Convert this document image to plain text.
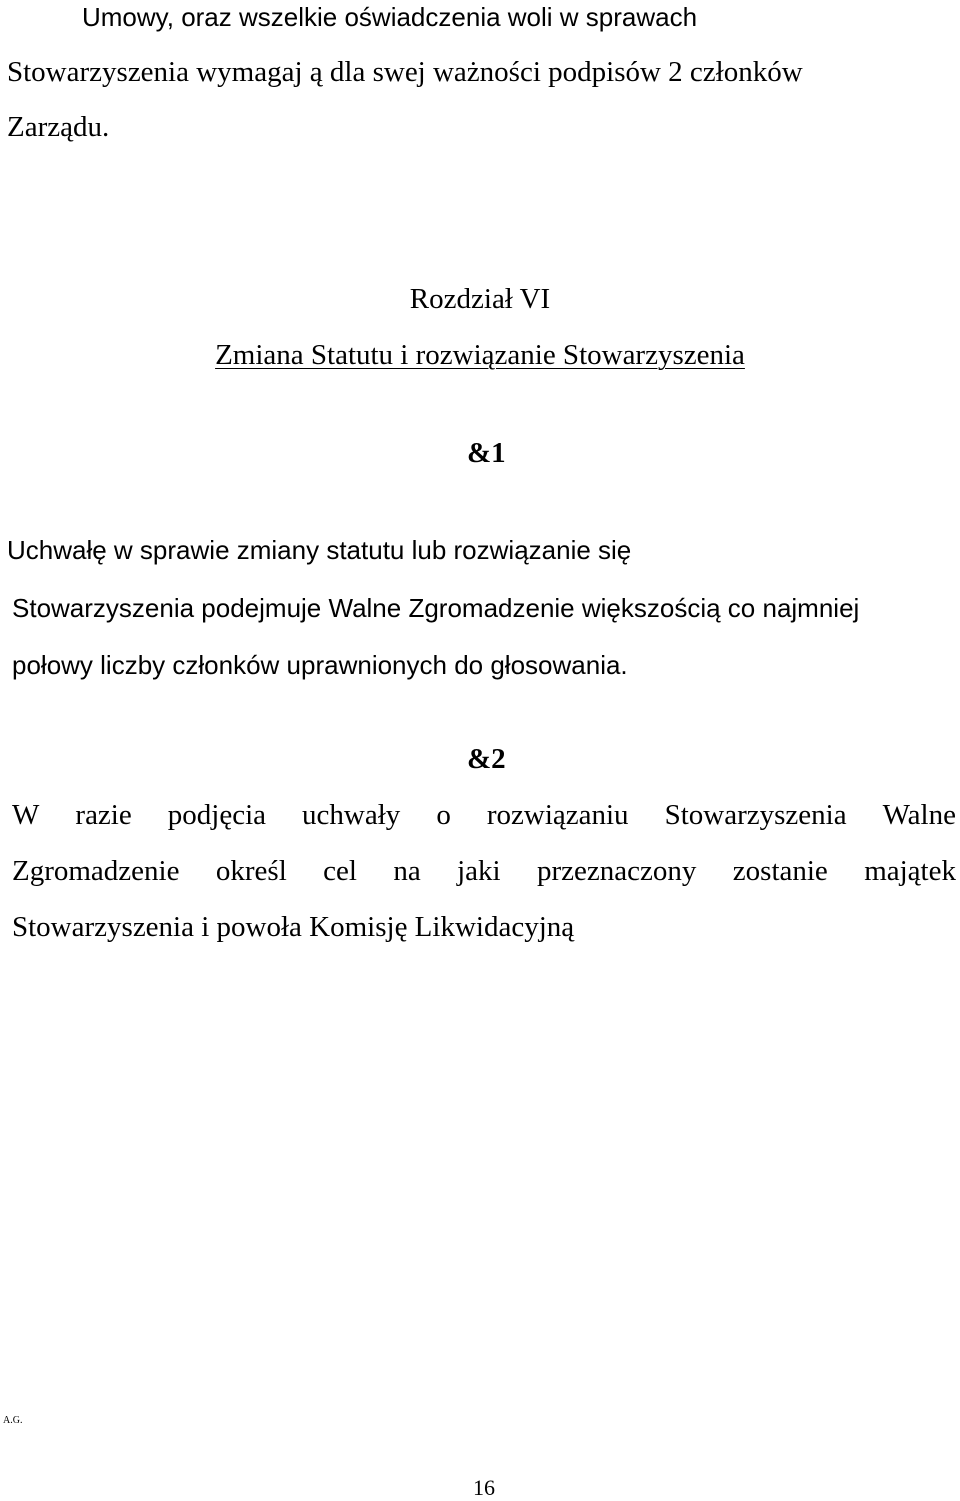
Umowy, oraz wszelkie oświadczenia woli w sprawach
Stowarzyszenia wymagaj ą dla swej ważności podpisów 2 członków
Zarządu.
Rozdział VI
Zmiana Statutu i rozwiązanie Stowarzyszenia
&1
Uchwałę w sprawie zmiany statutu lub rozwiązanie się
Stowarzyszenia podejmuje Walne Zgromadzenie większością co najmniej
połowy liczby członków uprawnionych do głosowania.
&2
W razie podjęcia uchwały o rozwiązaniu Stowarzyszenia Walne
Zgromadzenie określ cel na jaki przeznaczony zostanie majątek
Stowarzyszenia i powoła Komisję Likwidacyjną
A.G.
16
